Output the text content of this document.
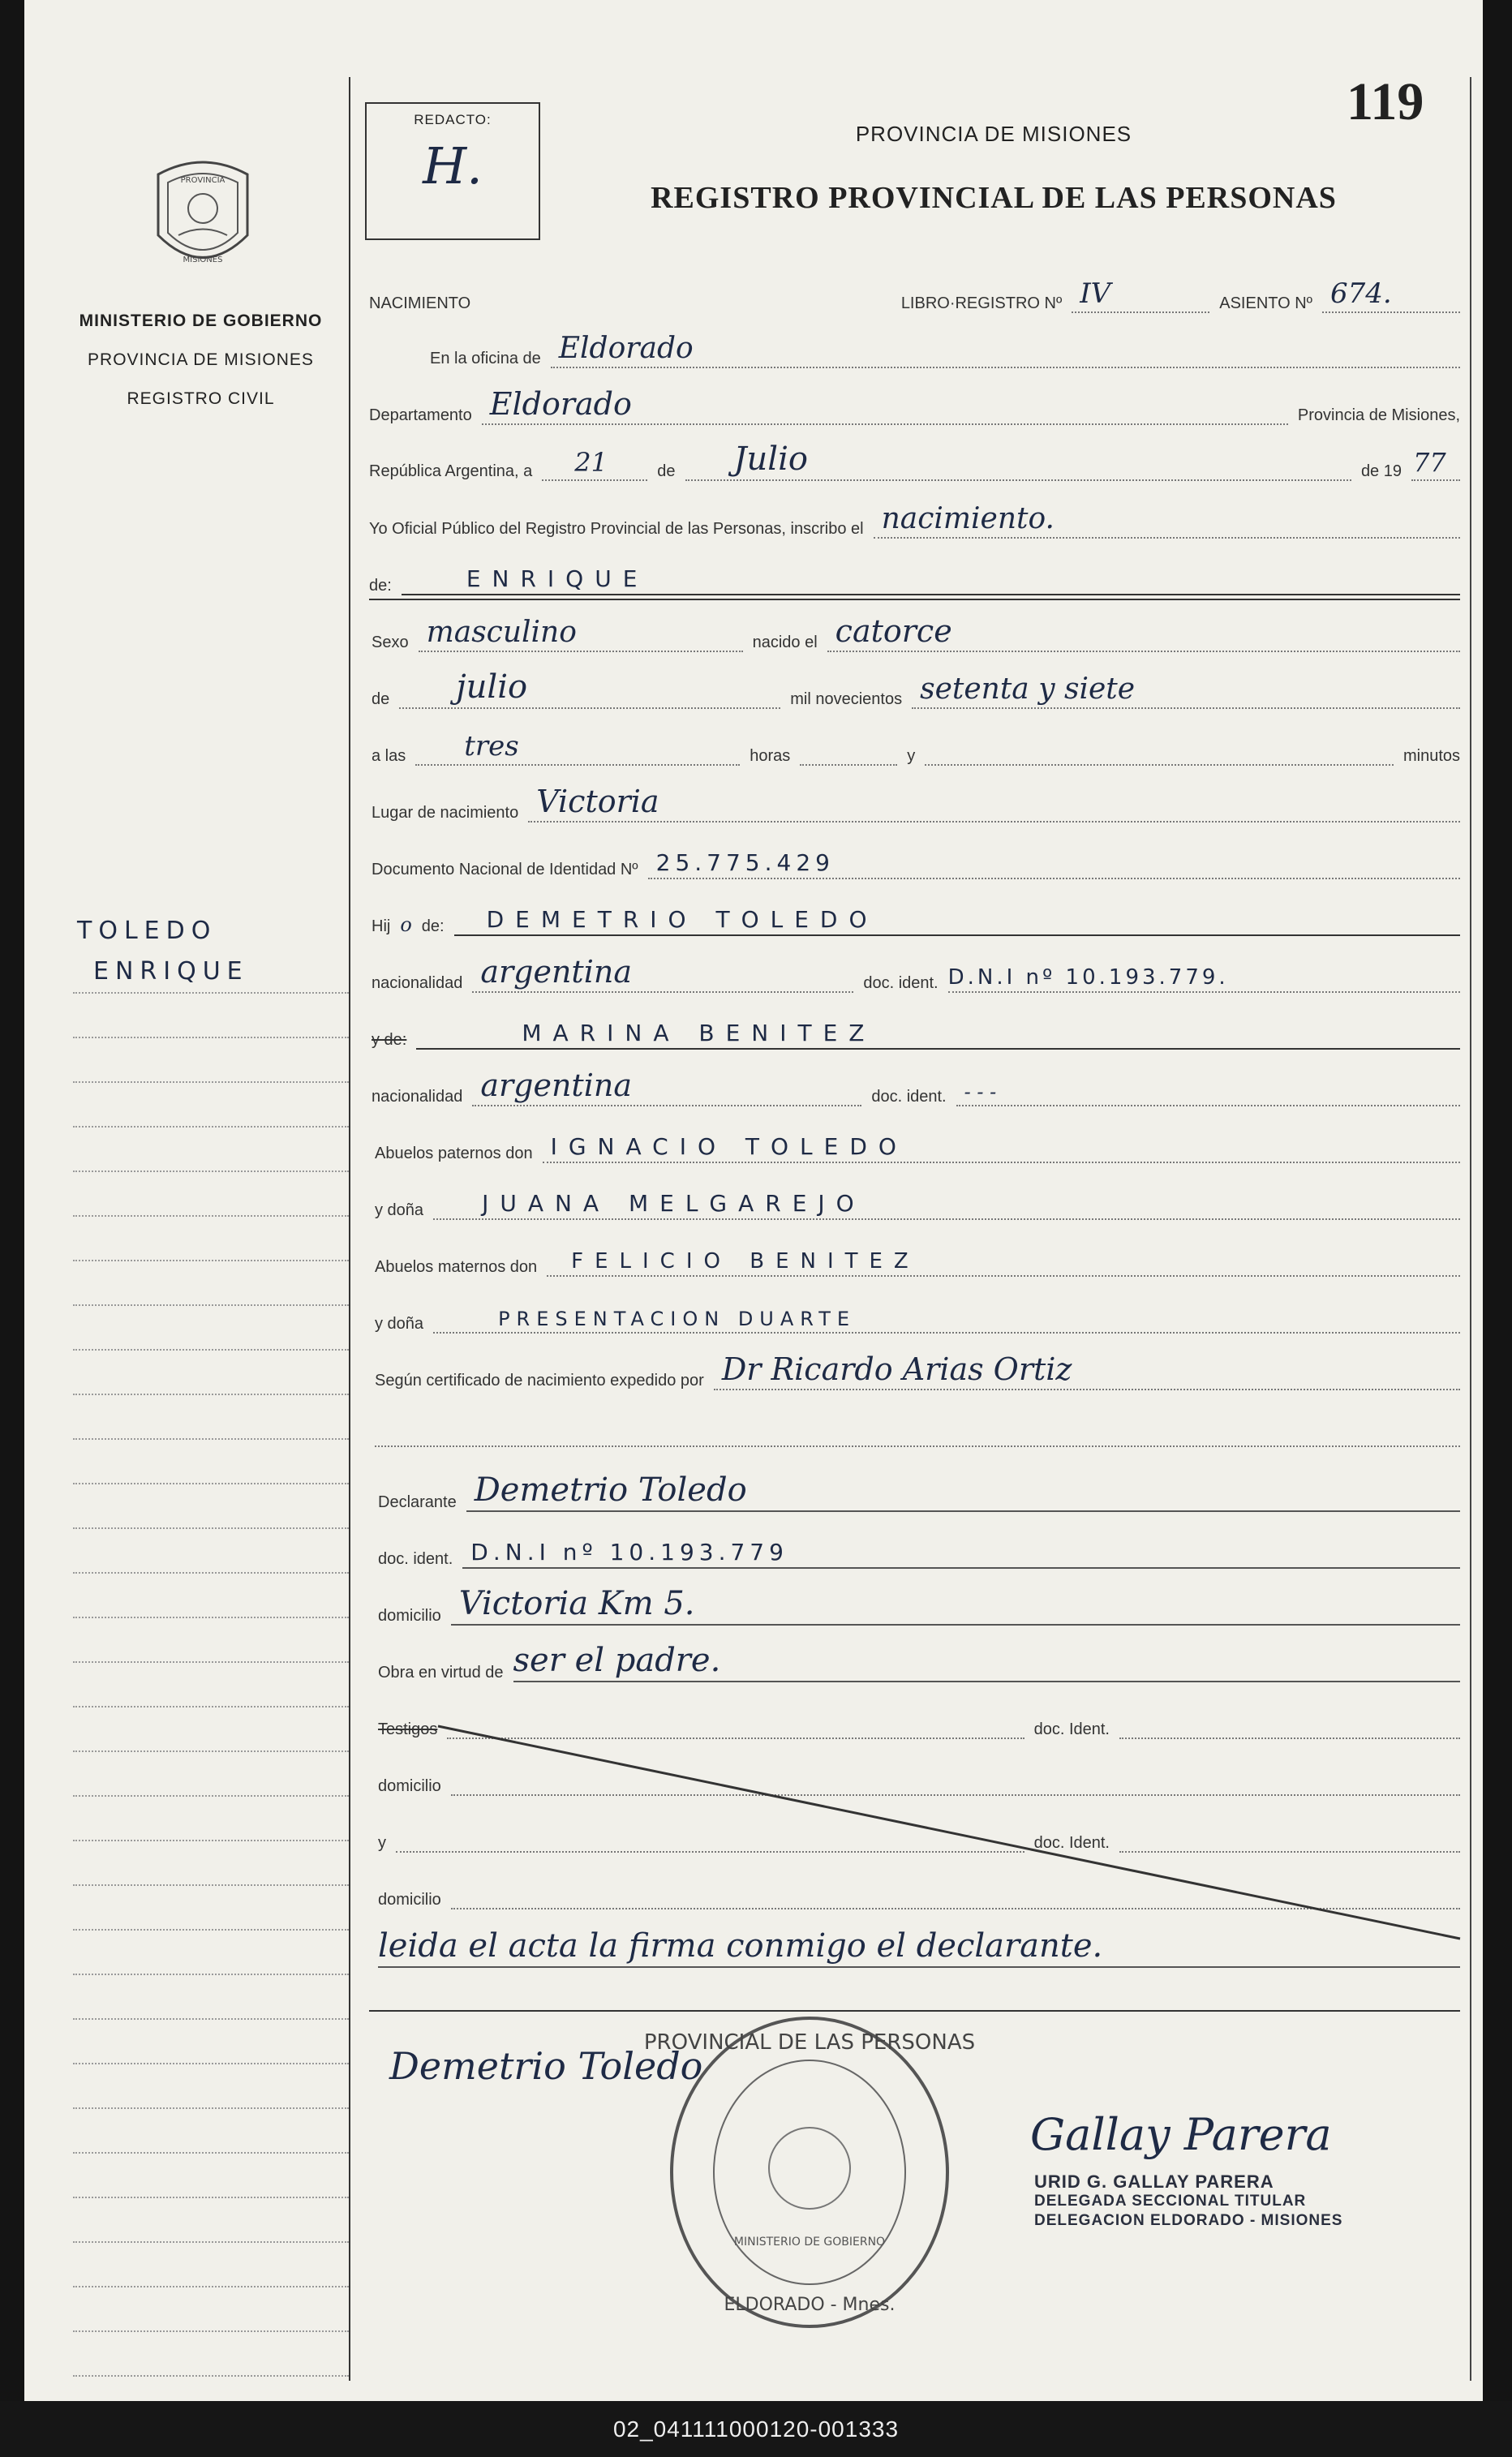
PROVINCIA
MISIONES
MINISTERIO DE GOBIERNO
PROVINCIA DE MISIONES
REGISTRO CIVIL
TOLEDO
ENRIQUE
REDACTO:
H.
PROVINCIA DE MISIONES
REGISTRO PROVINCIAL DE LAS PERSONAS
119
NACIMIENTO	LIBRO·REGISTRO Nº IV	ASIENTO Nº 674.
En la oficina de Eldorado
Departamento Eldorado	Provincia de Misiones,
República Argentina, a 21	de Julio	de 19 77
Yo Oficial Público del Registro Provincial de las Personas, inscribo el nacimiento.
de:	ENRIQUE
Sexo masculino	nacido el catorce
de julio	mil novecientos setenta y siete
a las tres	horas	y	minutos
Lugar de nacimiento Victoria
Documento Nacional de Identidad Nº 25.775.429
Hij o de: DEMETRIO TOLEDO
nacionalidad argentina	doc. ident. D.N.I nº 10.193.779.
y de:	MARINA BENITEZ
nacionalidad argentina	doc. ident. - - -
Abuelos paternos don IGNACIO TOLEDO
y doña	JUANA MELGAREJO
Abuelos maternos don FELICIO BENITEZ
y doña	PRESENTACION DUARTE
Según certificado de nacimiento expedido por Dr Ricardo Arias Ortiz
Declarante Demetrio Toledo
doc. ident. D.N.I nº 10.193.779
domicilio Victoria Km 5.
Obra en virtud de ser el padre.
Testigos	doc. Ident.
domicilio
y	doc. Ident.
domicilio
leida el acta la firma conmigo el declarante.
Demetrio Toledo
PROVINCIAL DE LAS PERSONAS
ELDORADO - Mnes.
MINISTERIO DE GOBIERNO
Gallay Parera
URID G. GALLAY PARERA
DELEGADA SECCIONAL TITULAR
DELEGACION ELDORADO - MISIONES
02_041111000120-001333
